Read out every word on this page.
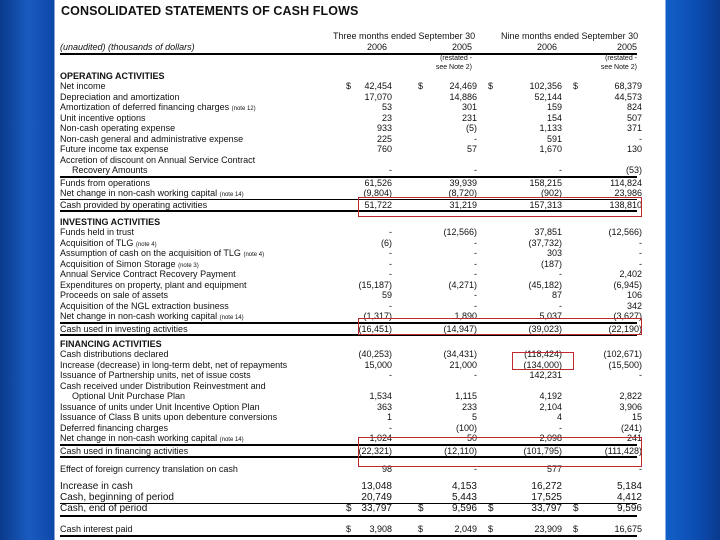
CONSOLIDATED STATEMENTS OF CASH FLOWS
Three months ended September 30	Nine months ended September 30
(unaudited) (thousands of dollars)	2006	2005	2006	2005
(restated -
see Note 2)
(restated -
see Note 2)
OPERATING ACTIVITIES
Net income	$	42,454	$	24,469 $	102,356 $	68,379
Depreciation and amortization	17,070	14,886	52,144	44,573
Amortization of deferred financing charges (note 12)	53	301	159	824
Unit incentive options	23	231	154	507
Non-cash operating expense	933	(5)	1,133	371
Non-cash general and administrative expense	225	-	591	-
Future income tax expense	760	57	1,670	130
Accretion of discount on Annual Service Contract
Recovery Amounts	-	-	-	(53)
Funds from operations	61,526	39,939	158,215	114,824
Net change in non-cash working capital (note 14)	(9,804)	(8,720)	(902)	23,986
Cash provided by operating activities	51,722	31,219	157,313	138,810
INVESTING ACTIVITIES
Funds held in trust	-	(12,566)	37,851	(12,566)
Acquisition of TLG (note 4)	(6)	-	(37,732)	-
Assumption of cash on the acquisition of TLG (note 4)	-	-	303	-
Acquisition of Simon Storage (note 3)	-	-	(187)	-
Annual Service Contract Recovery Payment	-	-	-	2,402
Expenditures on property, plant and equipment	(15,187)	(4,271)	(45,182)	(6,945)
Proceeds on sale of assets	59	-	87	106
Acquisition of the NGL extraction business	-	-	-	342
Net change in non-cash working capital (note 14)	(1,317)	1,890	5,037	(3,627)
Cash used in investing activities	(16,451)	(14,947)	(39,023)	(22,190)
FINANCING ACTIVITIES
Cash distributions declared	(40,253)	(34,431)	(118,424)	(102,671)
Increase (decrease) in long-term debt, net of repayments	15,000	21,000	(134,000)	(15,500)
Issuance of Partnership units, net of issue costs	-	-	142,231	-
Cash received under Distribution Reinvestment and
Optional Unit Purchase Plan	1,534	1,115	4,192	2,822
Issuance of units under Unit Incentive Option Plan	363	233	2,104	3,906
Issuance of Class B units upon debenture conversions	1	5	4	15
Deferred financing charges	-	(100)	-	(241)
Net change in non-cash working capital (note 14)	1,024	50	2,098	241
Cash used in financing activities	(22,321)	(12,110)	(101,795)	(111,428)
Effect of foreign currency translation on cash	98	-	577	-
Increase in cash	13,048	4,153	16,272	5,184
Cash, beginning of period	20,749	5,443	17,525	4,412
Cash, end of period	$ 33,797	$	9,596 $	33,797 $	9,596
Cash interest paid	$	3,908	$	2,049 $	23,909 $	16,675
